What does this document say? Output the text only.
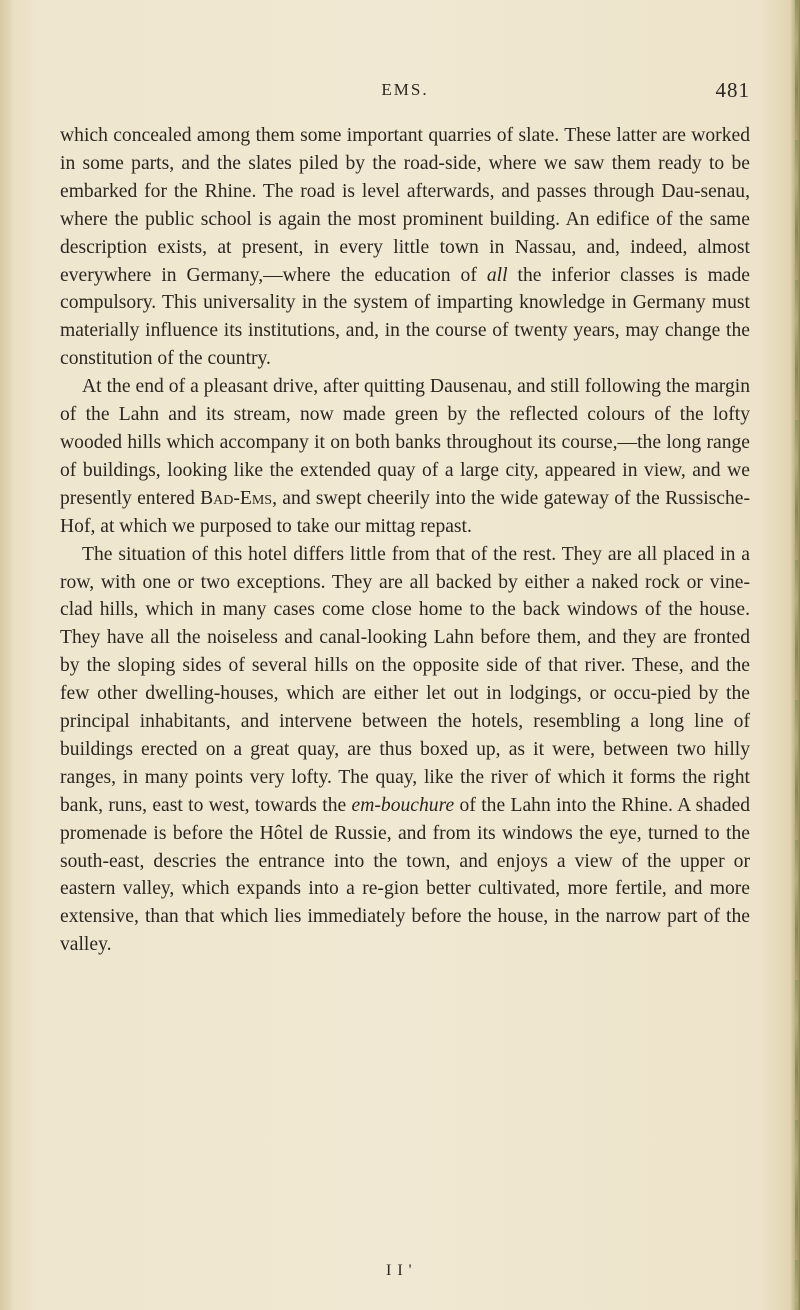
EMS.	481

which concealed among them some important quarries of slate. These latter are worked in some parts, and the slates piled by the road-side, where we saw them ready to be embarked for the Rhine. The road is level afterwards, and passes through Dau-senau, where the public school is again the most prominent building. An edifice of the same description exists, at present, in every little town in Nassau, and, indeed, almost everywhere in Germany,—where the education of all the inferior classes is made compulsory. This universality in the system of imparting knowledge in Germany must materially influence its institutions, and, in the course of twenty years, may change the constitution of the country.

At the end of a pleasant drive, after quitting Dausenau, and still following the margin of the Lahn and its stream, now made green by the reflected colours of the lofty wooded hills which accompany it on both banks throughout its course,—the long range of buildings, looking like the extended quay of a large city, appeared in view, and we presently entered Bad-Ems, and swept cheerily into the wide gateway of the Russische-Hof, at which we purposed to take our mittag repast.

The situation of this hotel differs little from that of the rest. They are all placed in a row, with one or two exceptions. They are all backed by either a naked rock or vine-clad hills, which in many cases come close home to the back windows of the house. They have all the noiseless and canal-looking Lahn before them, and they are fronted by the sloping sides of several hills on the opposite side of that river. These, and the few other dwelling-houses, which are either let out in lodgings, or occu-pied by the principal inhabitants, and intervene between the hotels, resembling a long line of buildings erected on a great quay, are thus boxed up, as it were, between two hilly ranges, in many points very lofty. The quay, like the river of which it forms the right bank, runs, east to west, towards the em-bouchure of the Lahn into the Rhine. A shaded promenade is before the Hôtel de Russie, and from its windows the eye, turned to the south-east, descries the entrance into the town, and enjoys a view of the upper or eastern valley, which expands into a re-gion better cultivated, more fertile, and more extensive, than that which lies immediately before the house, in the narrow part of the valley.

I I '
